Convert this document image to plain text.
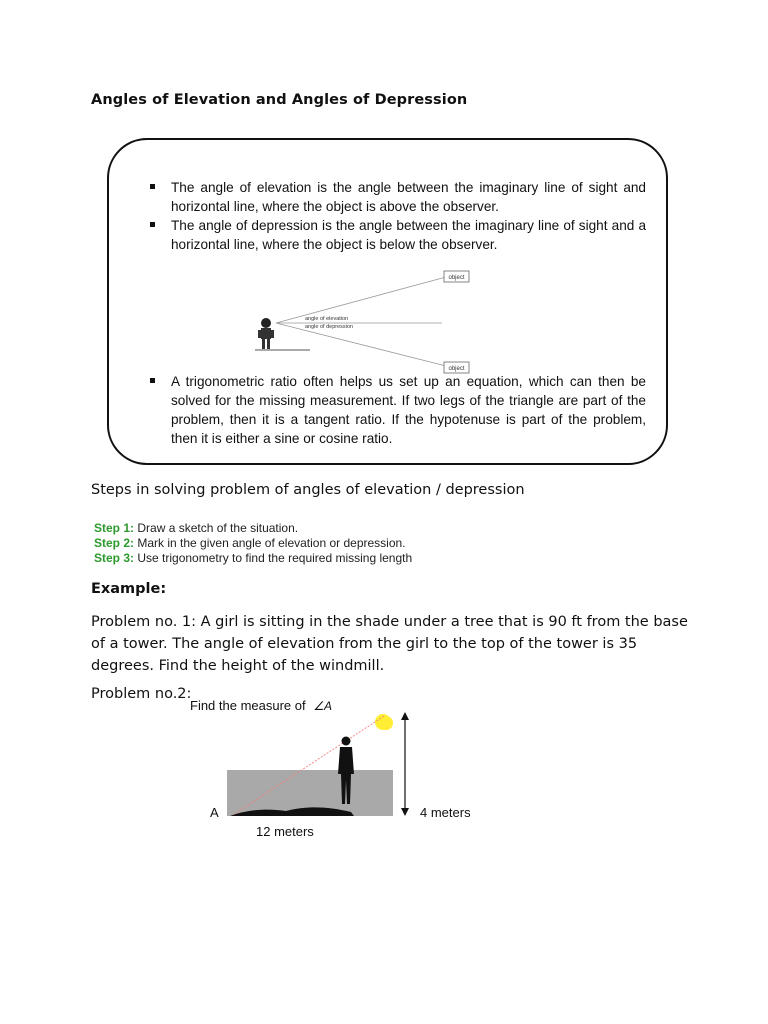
Angles of Elevation and Angles of Depression
The angle of elevation is the angle between the imaginary line of sight and horizontal line, where the object is above the observer.
The angle of depression is the angle between the imaginary line of sight and a horizontal line, where the object is below the observer.
object
object
angle of elevation
angle of depression
A trigonometric ratio often helps us set up an equation, which can then be solved for the missing measurement. If two legs of the triangle are part of the problem, then it is a tangent ratio. If the hypotenuse is part of the problem, then it is either a sine or cosine ratio.
Steps in solving problem of angles of elevation / depression
Step 1: Draw a sketch of the situation.
Step 2: Mark in the given angle of elevation or depression.
Step 3: Use trigonometry to find the required missing length
Example:
Problem no. 1: A girl is sitting in the shade under a tree that is 90 ft from the base of a tower. The angle of elevation from the girl to the top of the tower is 35 degrees. Find the height of the windmill.
Problem no.2:
Find the measure of ∠A
A	4 meters
12 meters
